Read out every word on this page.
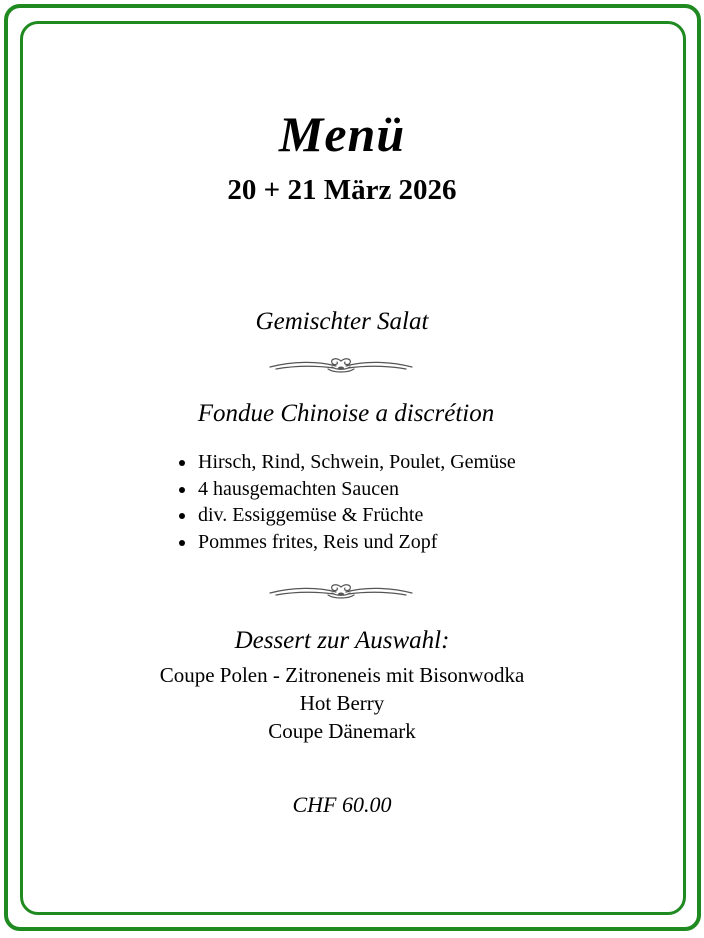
Menü
20 + 21 März 2026
Gemischter Salat
Fondue Chinoise a discrétion
Hirsch, Rind, Schwein, Poulet, Gemüse
4 hausgemachten Saucen
div. Essiggemüse & Früchte
Pommes frites, Reis und Zopf
Dessert zur Auswahl:
Coupe Polen - Zitroneneis mit Bisonwodka
Hot Berry
Coupe Dänemark
CHF 60.00
